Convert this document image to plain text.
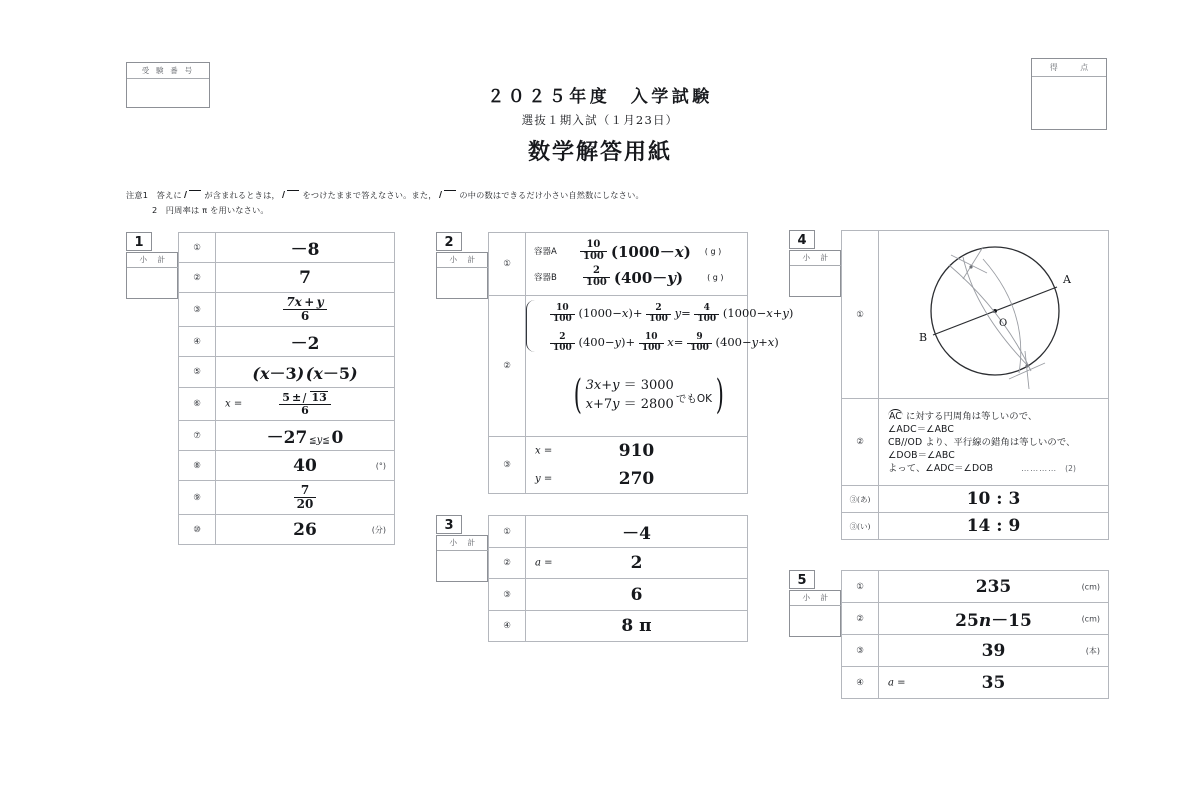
受 験 番 号	得 点
２０２５年度　入学試験
選抜１期入試（１月23日）
数学解答用紙
注意1　答えに	が含まれるときは，	をつけたままで答えなさい。また，	の中の数はできるだけ小さい自然数にしなさい。
2　円周率は π を用いなさい。
1
小　計
①	－8
②	7
③	$\frac{7x + y}{6}$

④	－2
⑤	(x－3) (x－5)
⑥	$x = \frac{5 \pm 13}{6}$

⑦	－27 ≦y≦ 0
⑧	40 (°)

⑨	$\frac{7}{20}$

⑩	26 (分)
2
小　計	①	
容器A	$\frac{10}{100} (1000-x)$ ( g )
容器B	$\frac{2}{100} (400-y)$	( g )

②	
$\frac{10}{100} (1000-x)+ \frac{2}{100} y= \frac{4}{100} (1000-x+y)$
$\frac{2}{100} (400-y)+ \frac{10}{100} x= \frac{9}{100} (400-y+x)$
( 3x+y ＝ 3000
x+7y ＝ 2800 でもOK )

③	x = 910
y = 270
3
小　計
①	－4
②	a = 2
③	6
④	8 π
4
小　計
①	A
B
O

②	
AC に対する円周角は等しいので、
∠ADC＝∠ABC
CB//OD より、平行線の錯角は等しいので、
∠DOB＝∠ABC
よって、∠ADC＝∠DOB	………… (2)

③(あ)	10 : 3
③(い)	14 : 9
5
小　計
①	235 (cm)

②	25n－15 (cm)

③	39 (本)

④	a = 35
